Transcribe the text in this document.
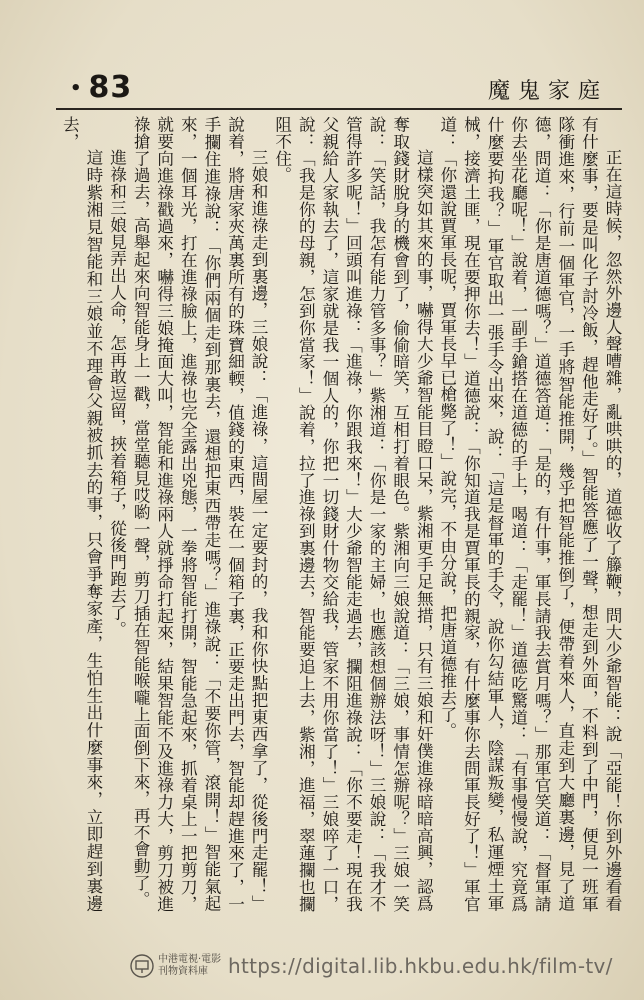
• 83	魔鬼家庭

正在這時候，忽然外邊人聲嘈雜，亂哄哄的，道德收了籐鞭，問大少爺智能：說「亞能！你到外邊看看有什麼事，要是叫化子討冷飯，趕他走好了。」智能答應了一聲，想走到外面，不料到了中門，便見一班軍隊衝進來，行前一個軍官，一手將智能推開，幾乎把智能推倒了，便帶着來人，直走到大廳裏邊，見了道德，問道：「你是唐道德嗎？」道德答道：「是的，有什事，軍長請我去賞月嗎？」那軍官笑道：「督軍請你去坐花廳呢！」說着，一副手鎗搭在道德的手上，喝道：「走罷！」道德吃驚道：「有事慢慢說，究竟爲什麼要拘我？」軍官取出一張手令出來，說：「這是督軍的手令，說你勾結軍人，陰謀叛變，私運煙土軍械，接濟土匪，現在要押你去！」道德說：「你知道我是賈軍長的親家，有什麼事你去問軍長好了！」軍官道：「你還說賈軍長呢，賈軍長早已槍斃了！」說完，不由分說，把唐道德推去了。

這樣突如其來的事，嚇得大少爺智能目瞪口呆，紫湘更手足無措，只有三娘和奸僕進祿暗暗高興，認爲奪取錢財脫身的機會到了，偷偷暗笑，互相打着眼色。紫湘向三娘說道：「三娘，事情怎辦呢？」三娘一笑說：「笑話，我怎有能力管多事？」紫湘道：「你是一家的主婦，也應該想個辦法呀！」三娘說：「我才不管得許多呢！」回頭叫進祿：「進祿，你跟我來！」大少爺智能走過去，攔阻進祿說：「你不要走！現在我父親給人家執去了，這家就是我一個人的，你把一切錢財什物交給我，管家不用你當了！」三娘啐了一口，說：「我是你的母親，怎到你當家！」說着，拉了進祿到裏邊去，智能要追上去，紫湘，進福，翠蓮攔也攔阻不住。

三娘和進祿走到裏邊，三娘說：「進祿，這間屋一定要封的，我和你快點把東西拿了，從後門走罷！」說着，將唐家夾萬裏所有的珠寶細輭，值錢的東西，裝在一個箱子裏，正要走出門去，智能却趕進來了，一手攔住進祿說：「你們兩個走到那裏去，還想把東西帶走嗎？」進祿說：「不要你管，滾開！」智能氣起來，一個耳光，打在進祿臉上，進祿也完全露出兇態，一拳將智能打開，智能急起來，抓着桌上一把剪刀，就要向進祿戳過來，嚇得三娘掩面大叫，智能和進祿兩人就掙命打起來，結果智能不及進祿力大，剪刀被進祿搶了過去，高舉起來向智能身上一戳，當堂聽見哎喲一聲，剪刀插在智能喉嚨上面倒下來，再不會動了。

進祿和三娘見弄出人命，怎再敢逗留，挾着箱子，從後門跑去了。

這時紫湘見智能和三娘並不理會父親被抓去的事，只會爭奪家產，生怕生出什麼事來，立即趕到裏邊去，

中港電視·電影
刊物資料庫	https://digital.lib.hkbu.edu.hk/film-tv/
